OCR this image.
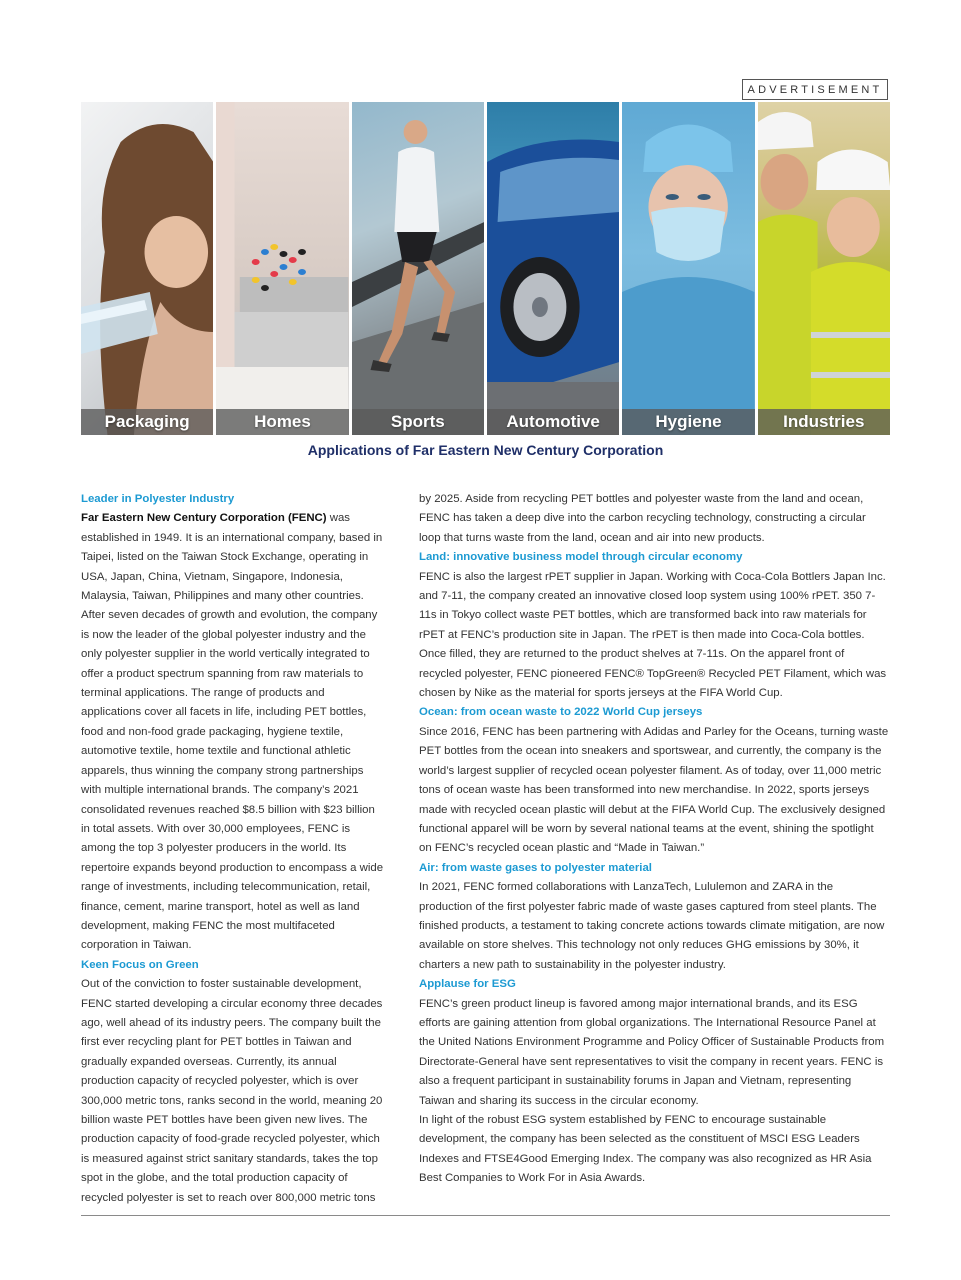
ADVERTISEMENT
Packaging	Homes	Sports	Automotive	Hygiene	Industries
Applications of Far Eastern New Century Corporation

Leader in Polyester Industry

Far Eastern New Century Corporation (FENC) was established in 1949. It is an international company, based in Taipei, listed on the Taiwan Stock Exchange, operating in USA, Japan, China, Vietnam, Singapore, Indonesia, Malaysia, Taiwan, Philippines and many other countries. After seven decades of growth and evolution, the company is now the leader of the global polyester industry and the only polyester supplier in the world vertically integrated to offer a product spectrum spanning from raw materials to terminal applications. The range of products and applications cover all facets in life, including PET bottles, food and non-food grade packaging, hygiene textile, automotive textile, home textile and functional athletic apparels, thus winning the company strong partnerships with multiple international brands. The company’s 2021 consolidated revenues reached $8.5 billion with $23 billion in total assets. With over 30,000 employees, FENC is among the top 3 polyester producers in the world. Its repertoire expands beyond production to encompass a wide range of investments, including telecommunication, retail, finance, cement, marine transport, hotel as well as land development, making FENC the most multifaceted corporation in Taiwan.

Keen Focus on Green

Out of the conviction to foster sustainable development, FENC started developing a circular economy three decades ago, well ahead of its industry peers. The company built the first ever recycling plant for PET bottles in Taiwan and gradually expanded overseas. Currently, its annual production capacity of recycled polyester, which is over 300,000 metric tons, ranks second in the world, meaning 20 billion waste PET bottles have been given new lives. The production capacity of food-grade recycled polyester, which is measured against strict sanitary standards, takes the top spot in the globe, and the total production capacity of recycled polyester is set to reach over 800,000 metric tons

by 2025. Aside from recycling PET bottles and polyester waste from the land and ocean, FENC has taken a deep dive into the carbon recycling technology, constructing a circular loop that turns waste from the land, ocean and air into new products.

Land: innovative business model through circular economy

FENC is also the largest rPET supplier in Japan. Working with Coca-Cola Bottlers Japan Inc. and 7-11, the company created an innovative closed loop system using 100% rPET. 350 7-11s in Tokyo collect waste PET bottles, which are transformed back into raw materials for rPET at FENC’s production site in Japan. The rPET is then made into Coca-Cola bottles. Once filled, they are returned to the product shelves at 7-11s. On the apparel front of recycled polyester, FENC pioneered FENC® TopGreen® Recycled PET Filament, which was chosen by Nike as the material for sports jerseys at the FIFA World Cup.

Ocean: from ocean waste to 2022 World Cup jerseys

Since 2016, FENC has been partnering with Adidas and Parley for the Oceans, turning waste PET bottles from the ocean into sneakers and sportswear, and currently, the company is the world’s largest supplier of recycled ocean polyester filament. As of today, over 11,000 metric tons of ocean waste has been transformed into new merchandise. In 2022, sports jerseys made with recycled ocean plastic will debut at the FIFA World Cup. The exclusively designed functional apparel will be worn by several national teams at the event, shining the spotlight on FENC’s recycled ocean plastic and “Made in Taiwan.”

Air: from waste gases to polyester material

In 2021, FENC formed collaborations with LanzaTech, Lululemon and ZARA in the production of the first polyester fabric made of waste gases captured from steel plants. The finished products, a testament to taking concrete actions towards climate mitigation, are now available on store shelves. This technology not only reduces GHG emissions by 30%, it charters a new path to sustainability in the polyester industry.

Applause for ESG

FENC’s green product lineup is favored among major international brands, and its ESG efforts are gaining attention from global organizations. The International Resource Panel at the United Nations Environment Programme and Policy Officer of Sustainable Products from Directorate-General have sent representatives to visit the company in recent years. FENC is also a frequent participant in sustainability forums in Japan and Vietnam, representing Taiwan and sharing its success in the circular economy.

In light of the robust ESG system established by FENC to encourage sustainable development, the company has been selected as the constituent of MSCI ESG Leaders Indexes and FTSE4Good Emerging Index. The company was also recognized as HR Asia Best Companies to Work For in Asia Awards.
